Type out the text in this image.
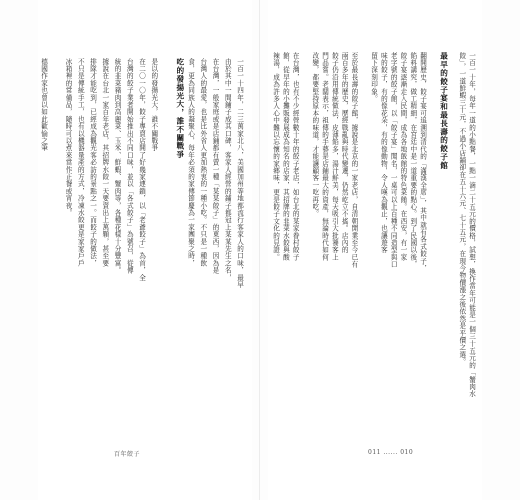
一百一十四年，二三萬家北八，美國加州等地都流行客家人的口味，最早
由於其中一間鋪子成其口碑，客家人經營的鋪子都冠上某某先生之名，
在台灣，一般家庭或是店鋪都有賣一種「某某餃子」的東西，因為是
台灣人的最愛，也是比外省人更加熱衷的一種小吃。不只是一種飲
食，更為同族人的凝聚心，每年必須的家傳節慶為一家團聚之時，
吃的發揚光大，誰不關戰爭
是以的發揚光大，誰不關戰爭
在二〇一〇年，餃子專賣店開了好幾家連鎖，以「老爺餃子」為首，全
台灣的餃子業者開始推出不同口味，並以「各式餃子」為號召，從傳
統的韭菜豬肉到高麗菜、玉米、鮮蝦、蟹肉等，各種花樣十分豐富。
據說在台北一家百年老店，其招牌水餃一天要賣出上萬顆，甚至要
排隊才能吃到，已經成為觀光客必訪的景點之一。而餃子的做法，
不只是傳統手工，也有以機器量產的方式，冷凍水餃更是家家戶戶
冰箱裡的常備品，隨時可以煮來當作正餐或宵夜。
德國作家也曾以如此歡愉之筆	一百一十年，每年一道的小點餐，一點一滴二十五元的價格，試想，換作當年可能是一個三十五元的「蟹肉水
餃」，一道鮮蝦三十元，不過小店鋪卻在五十六元、七十五元，在現今物價漲之後依然是平價之選。
最早的餃子宴和最長壽的餃子館
翻開歷史，餃子宴可追溯到清代的「滿漢全席」，其中就有各式餃子，
餡料講究，做工精細，在宮廷中是一道重要的點心。到了民國以後，
餃子宴逐漸走入民間，成為各地飯館的特色菜餚。在西安，有一家
老字號的餃子館，以「餃子宴」聞名，一桌可以上百種不同造型與口
味的餃子，有的像花朵，有的像動物，令人嘆為觀止，也讓遊客
留下深刻印象。
至於最長壽的餃子館，據說是北京的一家老店，自清朝開業至今已有
兩百多年的歷史，歷經戰亂與時代變遷，仍然屹立不搖。店內的
餃子仍沿用傳統做法，皮薄餡多，湯汁鮮美，每天吸引大批饕客上
門品嘗。老闆表示，祖傳的手藝是店鋪最大的資產，無論時代如何
改變，都要堅持原本的味道，才能讓顧客一吃再吃。
在台灣，也有不少經營數十年的餃子老店，如台北的某家眷村餃子
館，從早年的小攤販發展成為知名的店家，其招牌的韭菜水餃與酸
辣湯，成為許多人心中難以忘懷的家鄉味，更是餃子文化的見證。
百年餃子	011 ...... 010
